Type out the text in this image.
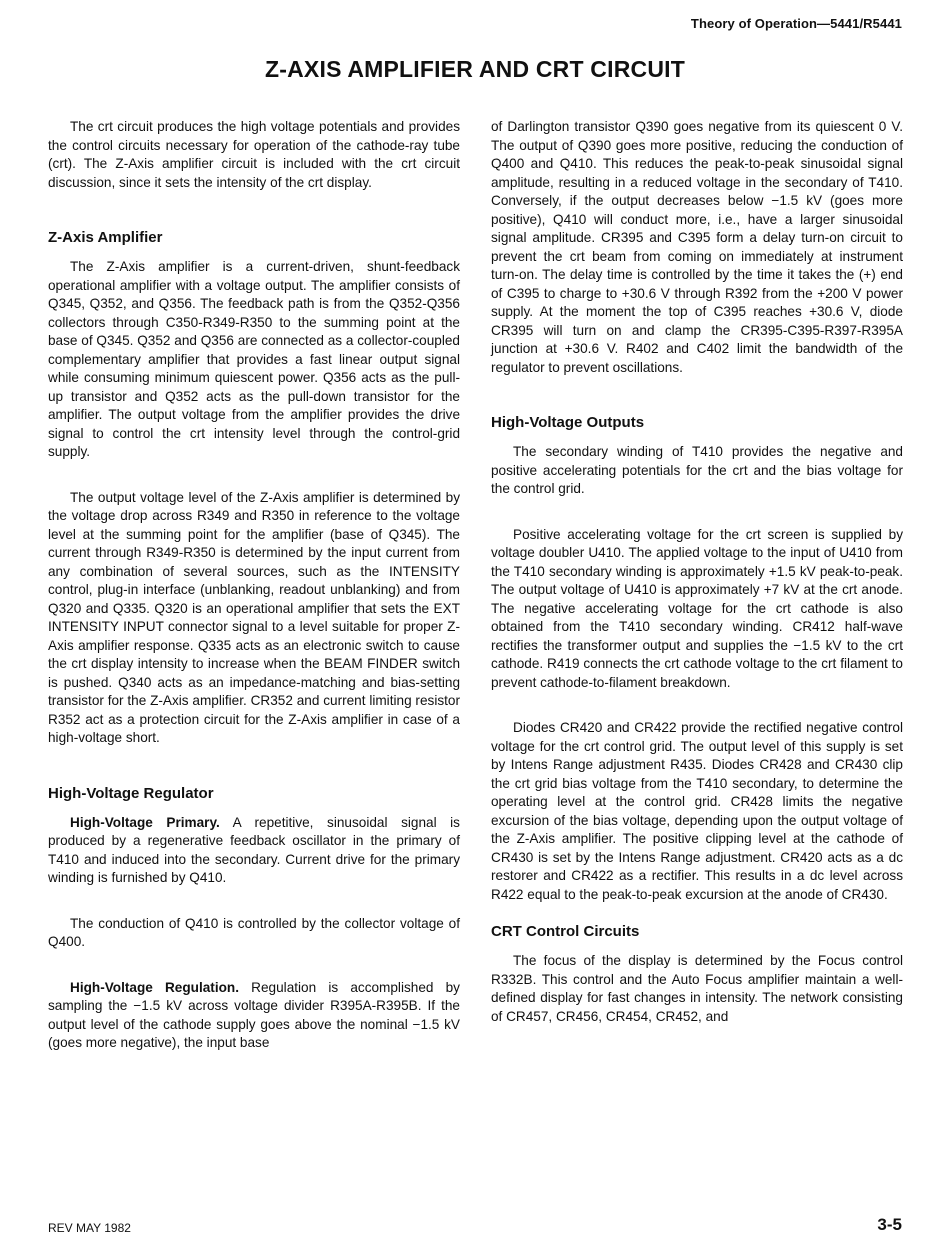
Theory of Operation—5441/R5441
Z-AXIS AMPLIFIER AND CRT CIRCUIT

The crt circuit produces the high voltage potentials and provides the control circuits necessary for operation of the cathode-ray tube (crt). The Z-Axis amplifier circuit is included with the crt circuit discussion, since it sets the intensity of the crt display.

Z-Axis Amplifier

The Z-Axis amplifier is a current-driven, shunt-feedback operational amplifier with a voltage output. The amplifier consists of Q345, Q352, and Q356. The feedback path is from the Q352-Q356 collectors through C350-R349-R350 to the summing point at the base of Q345. Q352 and Q356 are connected as a collector-coupled complementary amplifier that provides a fast linear output signal while consuming minimum quiescent power. Q356 acts as the pull-up transistor and Q352 acts as the pull-down transistor for the amplifier. The output voltage from the amplifier provides the drive signal to control the crt intensity level through the control-grid supply.

The output voltage level of the Z-Axis amplifier is determined by the voltage drop across R349 and R350 in reference to the voltage level at the summing point for the amplifier (base of Q345). The current through R349-R350 is determined by the input current from any combination of several sources, such as the INTENSITY control, plug-in interface (unblanking, readout unblanking) and from Q320 and Q335. Q320 is an operational amplifier that sets the EXT INTENSITY INPUT connector signal to a level suitable for proper Z-Axis amplifier response. Q335 acts as an electronic switch to cause the crt display intensity to increase when the BEAM FINDER switch is pushed. Q340 acts as an impedance-matching and bias-setting transistor for the Z-Axis amplifier. CR352 and current limiting resistor R352 act as a protection circuit for the Z-Axis amplifier in case of a high-voltage short.

High-Voltage Regulator

High-Voltage Primary. A repetitive, sinusoidal signal is produced by a regenerative feedback oscillator in the primary of T410 and induced into the secondary. Current drive for the primary winding is furnished by Q410.

The conduction of Q410 is controlled by the collector voltage of Q400.

High-Voltage Regulation. Regulation is accomplished by sampling the −1.5 kV across voltage divider R395A-R395B. If the output level of the cathode supply goes above the nominal −1.5 kV (goes more negative), the input base

of Darlington transistor Q390 goes negative from its quiescent 0 V. The output of Q390 goes more positive, reducing the conduction of Q400 and Q410. This reduces the peak-to-peak sinusoidal signal amplitude, resulting in a reduced voltage in the secondary of T410. Conversely, if the output decreases below −1.5 kV (goes more positive), Q410 will conduct more, i.e., have a larger sinusoidal signal amplitude. CR395 and C395 form a delay turn-on circuit to prevent the crt beam from coming on immediately at instrument turn-on. The delay time is controlled by the time it takes the (+) end of C395 to charge to +30.6 V through R392 from the +200 V power supply. At the moment the top of C395 reaches +30.6 V, diode CR395 will turn on and clamp the CR395-C395-R397-R395A junction at +30.6 V. R402 and C402 limit the bandwidth of the regulator to prevent oscillations.

High-Voltage Outputs

The secondary winding of T410 provides the negative and positive accelerating potentials for the crt and the bias voltage for the control grid.

Positive accelerating voltage for the crt screen is supplied by voltage doubler U410. The applied voltage to the input of U410 from the T410 secondary winding is approximately +1.5 kV peak-to-peak. The output voltage of U410 is approximately +7 kV at the crt anode. The negative accelerating voltage for the crt cathode is also obtained from the T410 secondary winding. CR412 half-wave rectifies the transformer output and supplies the −1.5 kV to the crt cathode. R419 connects the crt cathode voltage to the crt filament to prevent cathode-to-filament breakdown.

Diodes CR420 and CR422 provide the rectified negative control voltage for the crt control grid. The output level of this supply is set by Intens Range adjustment R435. Diodes CR428 and CR430 clip the crt grid bias voltage from the T410 secondary, to determine the operating level at the control grid. CR428 limits the negative excursion of the bias voltage, depending upon the output voltage of the Z-Axis amplifier. The positive clipping level at the cathode of CR430 is set by the Intens Range adjustment. CR420 acts as a dc restorer and CR422 as a rectifier. This results in a dc level across R422 equal to the peak-to-peak excursion at the anode of CR430.

CRT Control Circuits

The focus of the display is determined by the Focus control R332B. This control and the Auto Focus amplifier maintain a well-defined display for fast changes in intensity. The network consisting of CR457, CR456, CR454, CR452, and

REV MAY 1982	3-5
